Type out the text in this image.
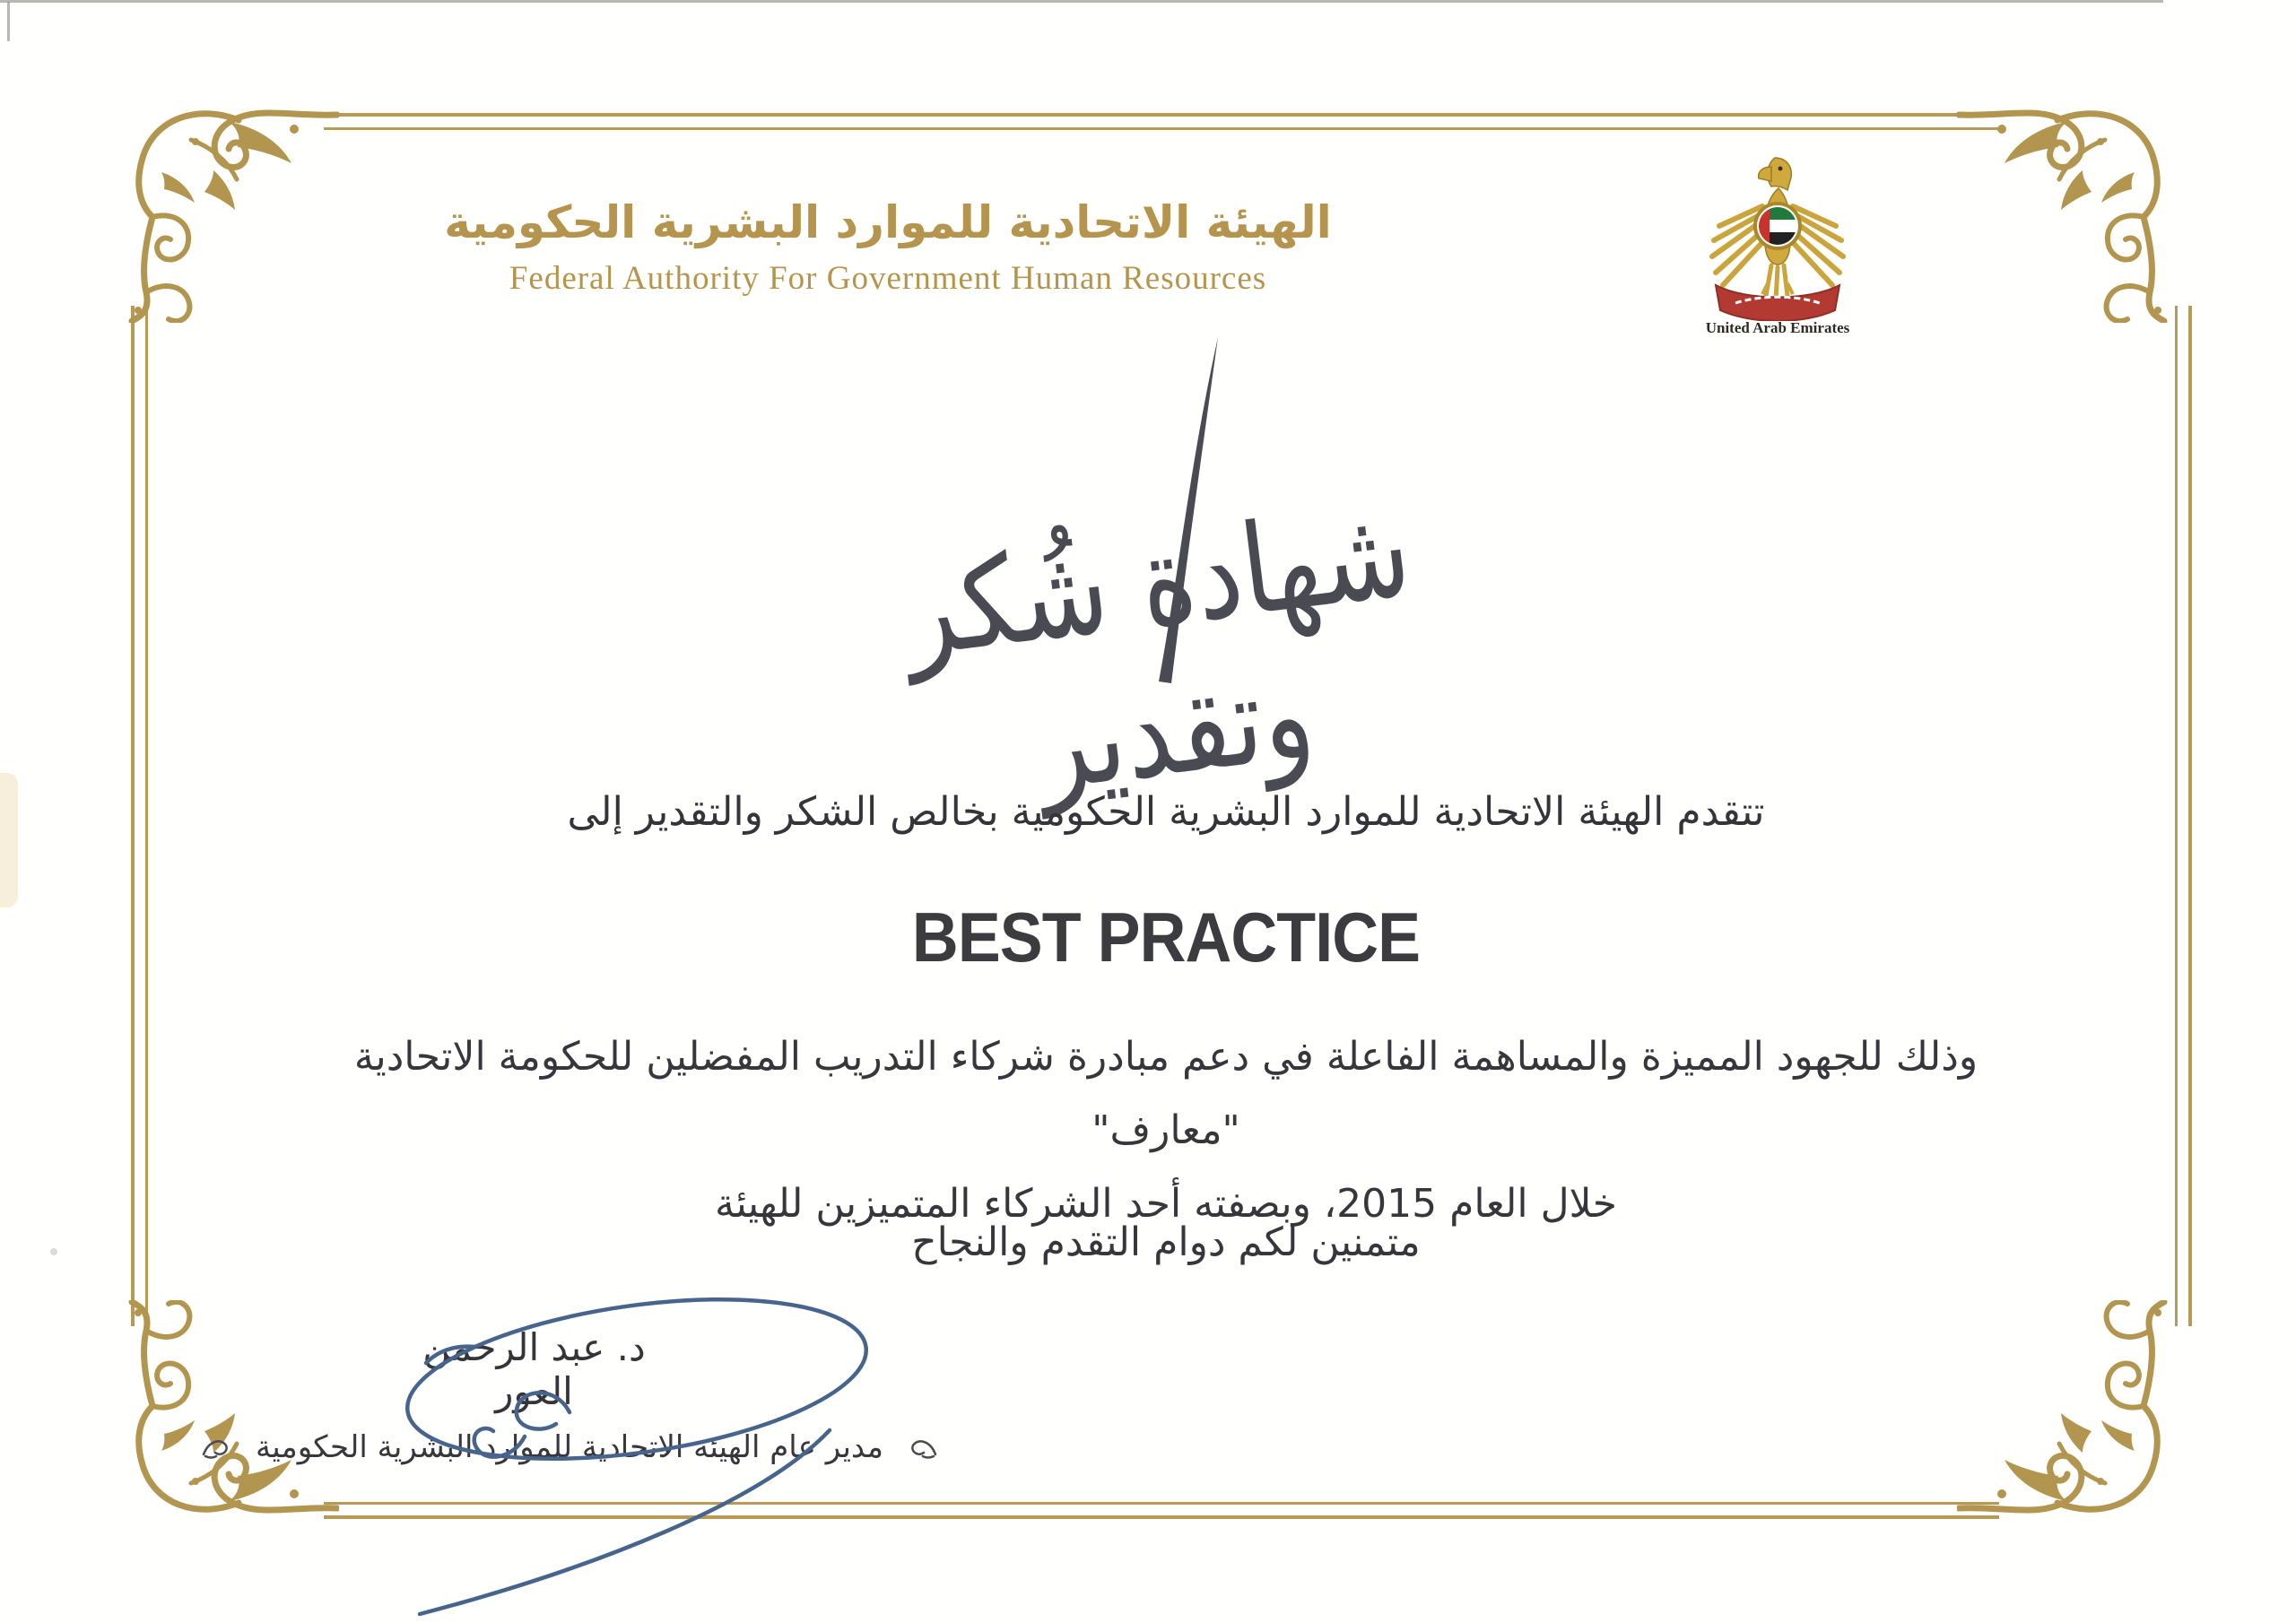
الهيئة الاتحادية للموارد البشرية الحكومية
Federal Authority For Government Human Resources
United Arab Emirates
شهادة شُكر وتقدير
تتقدم الهيئة الاتحادية للموارد البشرية الحكومية بخالص الشكر والتقدير إلى
BEST PRACTICE
وذلك للجهود المميزة والمساهمة الفاعلة في دعم مبادرة شركاء التدريب المفضلين للحكومة الاتحادية "معارف"
خلال العام 2015، وبصفته أحد الشركاء المتميزين للهيئة
متمنين لكم دوام التقدم والنجاح
د. عبد الرحمن العور
مدير عام الهيئة الاتحادية للموارد البشرية الحكومية
